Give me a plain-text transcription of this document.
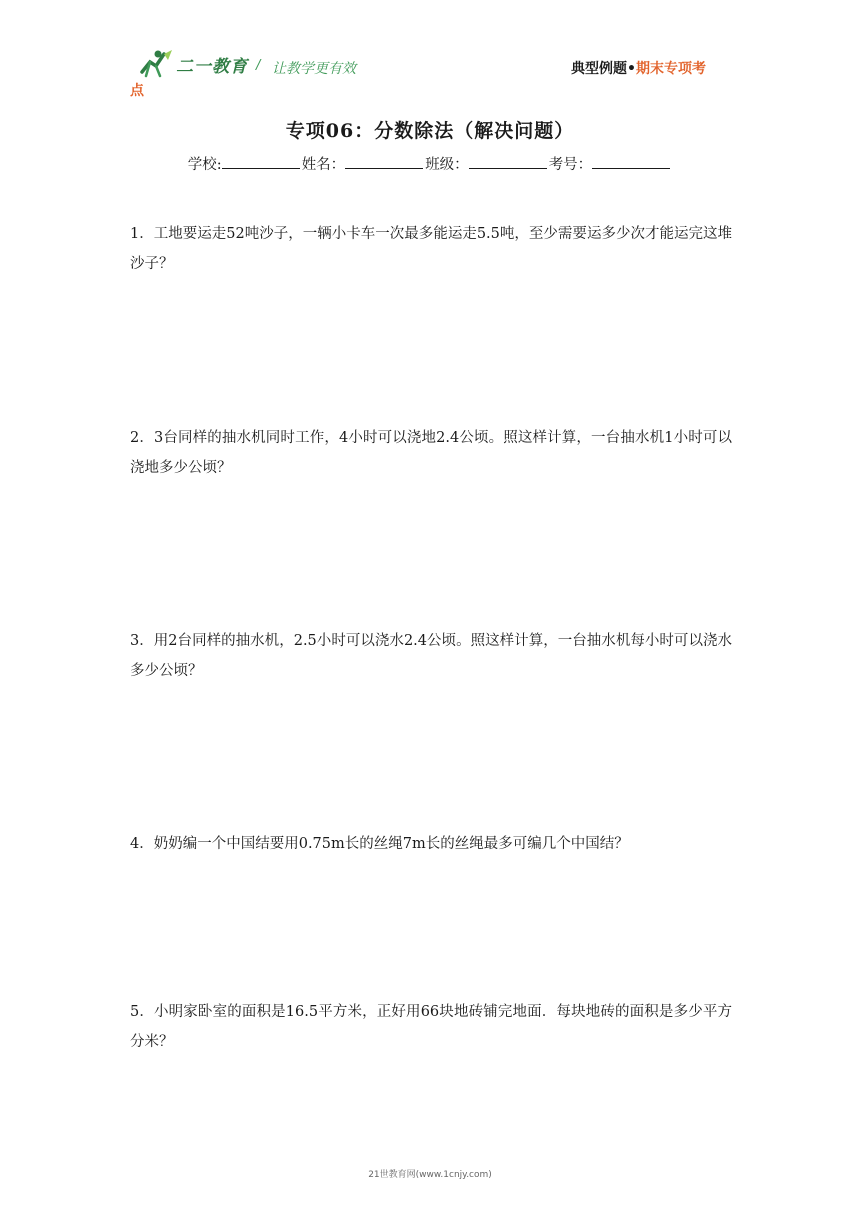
二一教育 / 让教学更有效	典型例题•期末专项考
点
专项06：分数除法（解决问题）
学校:	姓名：	班级：	考号：
1．工地要运走52吨沙子，一辆小卡车一次最多能运走5.5吨，至少需要运多少次才能运完这堆沙子？
2．3台同样的抽水机同时工作，4小时可以浇地2.4公顷。照这样计算，一台抽水机1小时可以浇地多少公顷？
3．用2台同样的抽水机，2.5小时可以浇水2.4公顷。照这样计算，一台抽水机每小时可以浇水多少公顷？
4．奶奶编一个中国结要用0.75m长的丝绳7m长的丝绳最多可编几个中国结？
5．小明家卧室的面积是16.5平方米，正好用66块地砖铺完地面．每块地砖的面积是多少平方分米？
21世教育网(www.1cnjy.com)
